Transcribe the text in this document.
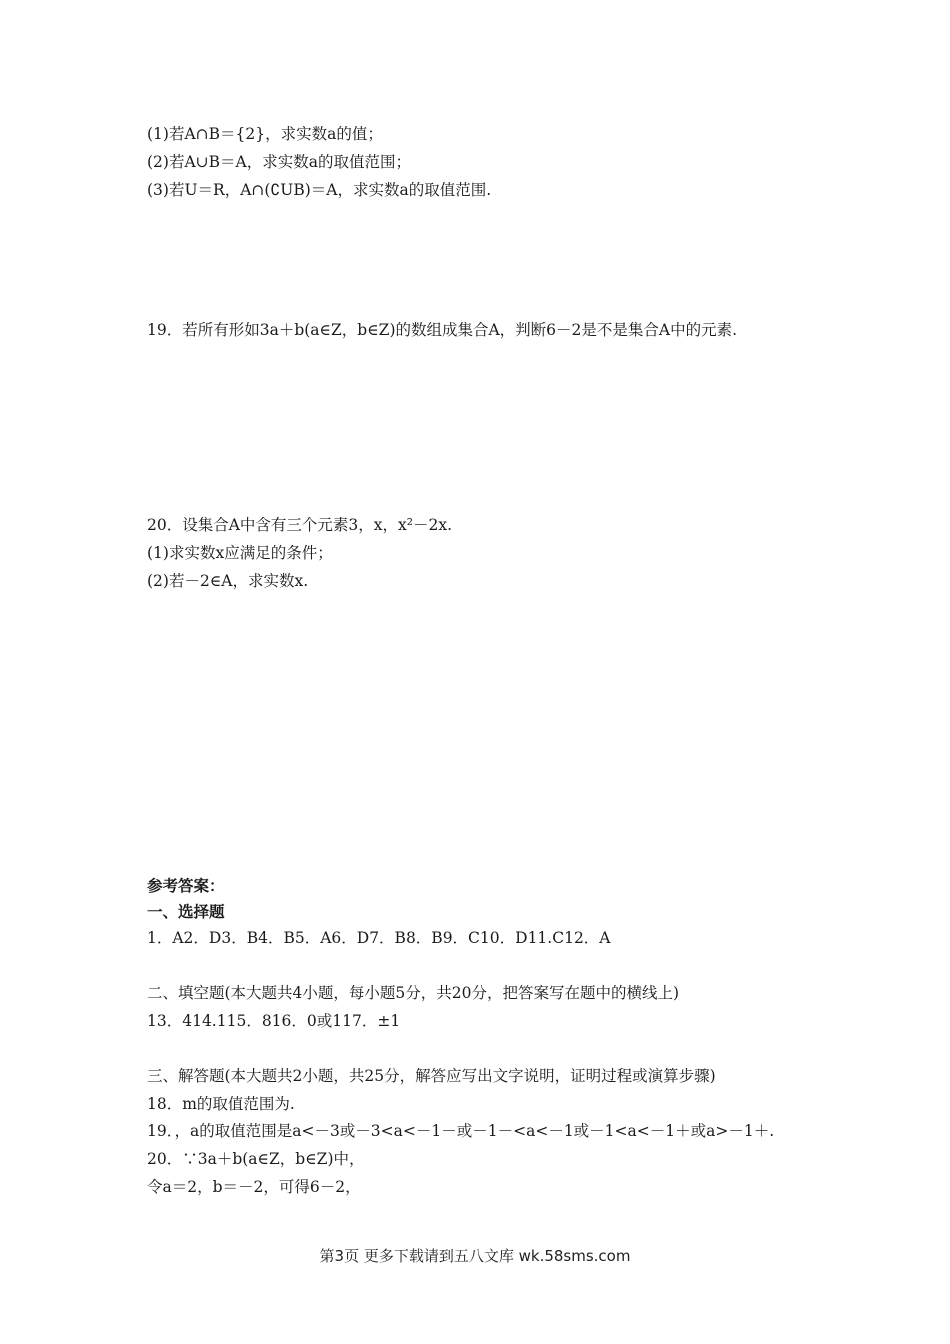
(1)若A∩B＝{2}，求实数a的值；
(2)若A∪B＝A，求实数a的取值范围；
(3)若U＝R，A∩(∁UB)＝A，求实数a的取值范围.
19．若所有形如3a＋b(a∈Z，b∈Z)的数组成集合A，判断6－2是不是集合A中的元素.
20．设集合A中含有三个元素3，x，x²－2x.
(1)求实数x应满足的条件；
(2)若－2∈A，求实数x.
参考答案：
一、选择题
1．A2．D3．B4．B5．A6．D7．B8．B9．C10．D11.C12．A
二、填空题(本大题共4小题，每小题5分，共20分，把答案写在题中的横线上)
13．414.115．816．0或117．±1
三、解答题(本大题共2小题，共25分，解答应写出文字说明，证明过程或演算步骤)
18．m的取值范围为.
19．，a的取值范围是a<－3或－3<a<－1－或－1－<a<－1或－1<a<－1＋或a>－1＋.
20．∵3a＋b(a∈Z，b∈Z)中，
令a＝2，b＝－2，可得6－2，
第3页 更多下载请到五八文库 wk.58sms.com
